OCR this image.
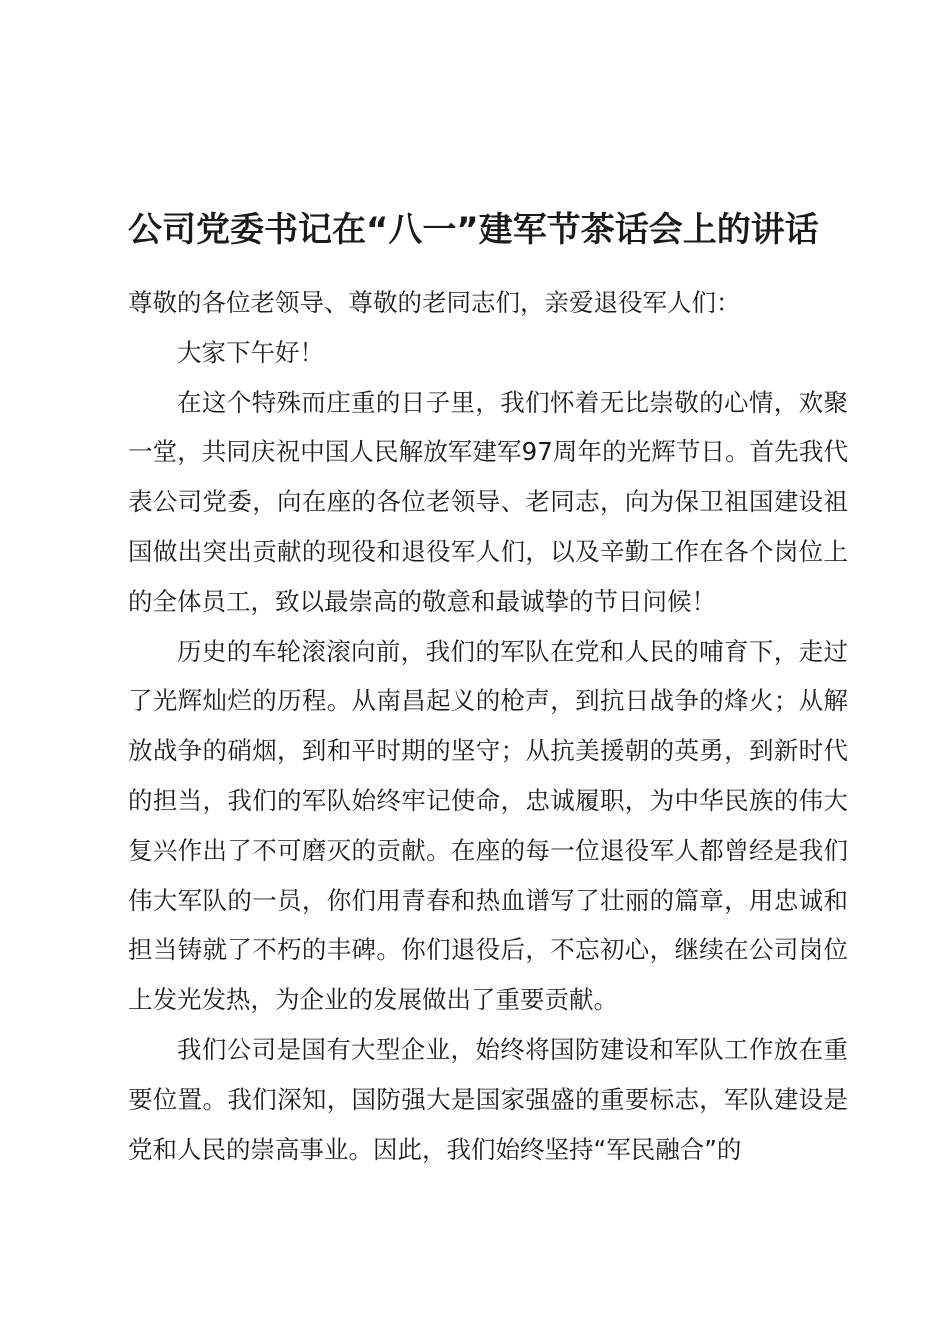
公司党委书记在“八一”建军节茶话会上的讲话

尊敬的各位老领导、尊敬的老同志们，亲爱退役军人们：

大家下午好！

在这个特殊而庄重的日子里，我们怀着无比崇敬的心情，欢聚一堂，共同庆祝中国人民解放军建军97周年的光辉节日。首先我代表公司党委，向在座的各位老领导、老同志，向为保卫祖国建设祖国做出突出贡献的现役和退役军人们，以及辛勤工作在各个岗位上的全体员工，致以最崇高的敬意和最诚挚的节日问候！

历史的车轮滚滚向前，我们的军队在党和人民的哺育下，走过了光辉灿烂的历程。从南昌起义的枪声，到抗日战争的烽火；从解放战争的硝烟，到和平时期的坚守；从抗美援朝的英勇，到新时代的担当，我们的军队始终牢记使命，忠诚履职，为中华民族的伟大复兴作出了不可磨灭的贡献。在座的每一位退役军人都曾经是我们伟大军队的一员，你们用青春和热血谱写了壮丽的篇章，用忠诚和担当铸就了不朽的丰碑。你们退役后，不忘初心，继续在公司岗位上发光发热，为企业的发展做出了重要贡献。

我们公司是国有大型企业，始终将国防建设和军队工作放在重要位置。我们深知，国防强大是国家强盛的重要标志，军队建设是党和人民的崇高事业。因此，我们始终坚持“军民融合”的
